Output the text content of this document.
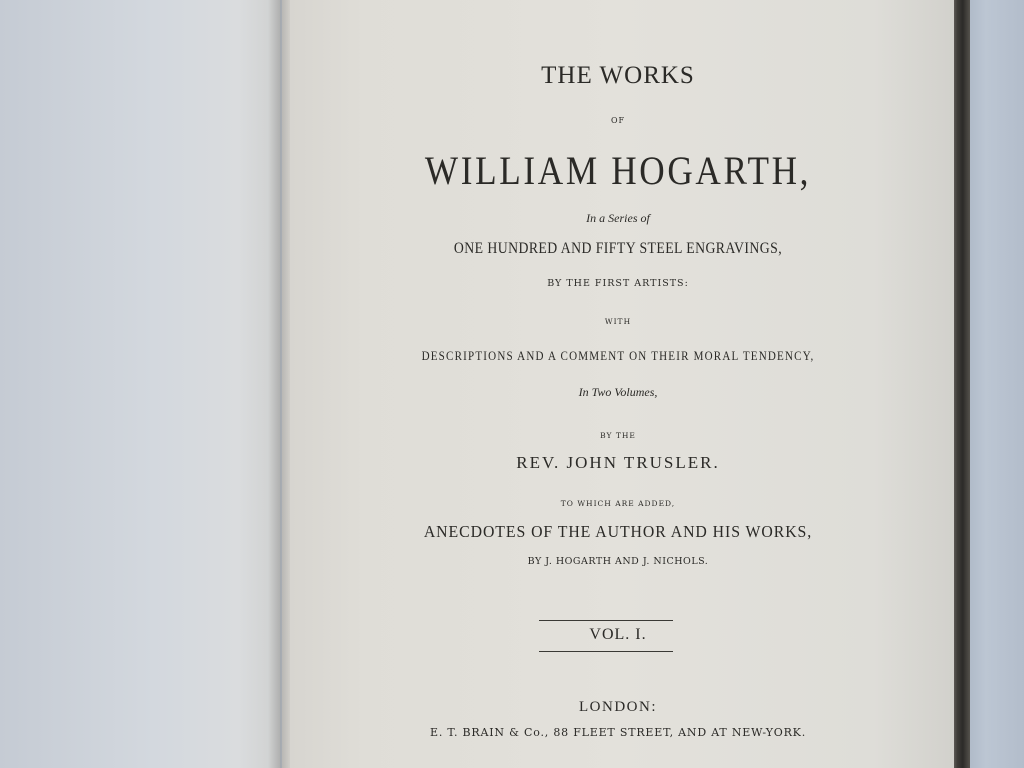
THE WORKS
OF
WILLIAM HOGARTH,
In a Series of
ONE HUNDRED AND FIFTY STEEL ENGRAVINGS,
BY THE FIRST ARTISTS:
WITH
DESCRIPTIONS AND A COMMENT ON THEIR MORAL TENDENCY,
In Two Volumes,
BY THE
REV. JOHN TRUSLER.
TO WHICH ARE ADDED,
ANECDOTES OF THE AUTHOR AND HIS WORKS,
BY J. HOGARTH AND J. NICHOLS.
VOL. I.
LONDON:
E. T. BRAIN & Co., 88 FLEET STREET, AND AT NEW-YORK.
